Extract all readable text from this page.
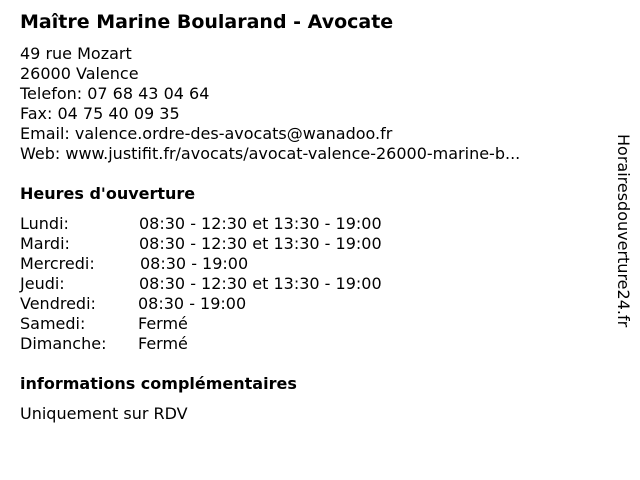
Maître Marine Boularand - Avocate
49 rue Mozart
26000 Valence
Telefon: 07 68 43 04 64
Fax: 04 75 40 09 35
Email: valence.ordre-des-avocats@wanadoo.fr
Web: www.justifit.fr/avocats/avocat-valence-26000-marine-b...
Heures d'ouverture
Lundi:	08:30 - 12:30 et 13:30 - 19:00
Mardi:	08:30 - 12:30 et 13:30 - 19:00
Mercredi:	08:30 - 19:00
Jeudi:	08:30 - 12:30 et 13:30 - 19:00
Vendredi:	08:30 - 19:00
Samedi:	Fermé
Dimanche: Fermé
informations complémentaires
Uniquement sur RDV
Horairesdouverture24.fr
